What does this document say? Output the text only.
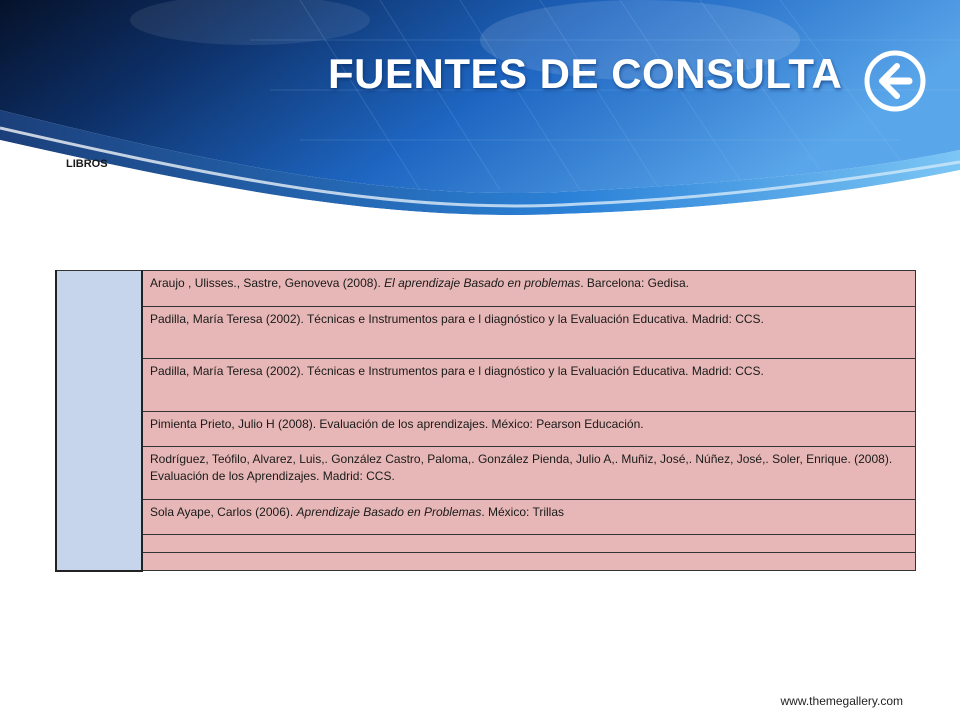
FUENTES DE CONSULTA
LIBROS

Araujo , Ulisses., Sastre, Genoveva (2008). El aprendizaje Basado en problemas. Barcelona: Gedisa.

Padilla, María Teresa (2002). Técnicas e Instrumentos para e l diagnóstico y la Evaluación Educativa. Madrid: CCS.

Padilla, María Teresa (2002). Técnicas e Instrumentos para e l diagnóstico y la Evaluación Educativa. Madrid: CCS.

Pimienta Prieto, Julio H (2008). Evaluación de los aprendizajes. México: Pearson Educación.

Rodríguez, Teófilo, Alvarez, Luis,. González Castro, Paloma,. González Pienda, Julio A,. Muñiz, José,. Núñez, José,. Soler, Enrique. (2008). Evaluación de los Aprendizajes. Madrid: CCS.

Sola Ayape, Carlos (2006). Aprendizaje Basado en Problemas. México: Trillas

www.themegallery.com
